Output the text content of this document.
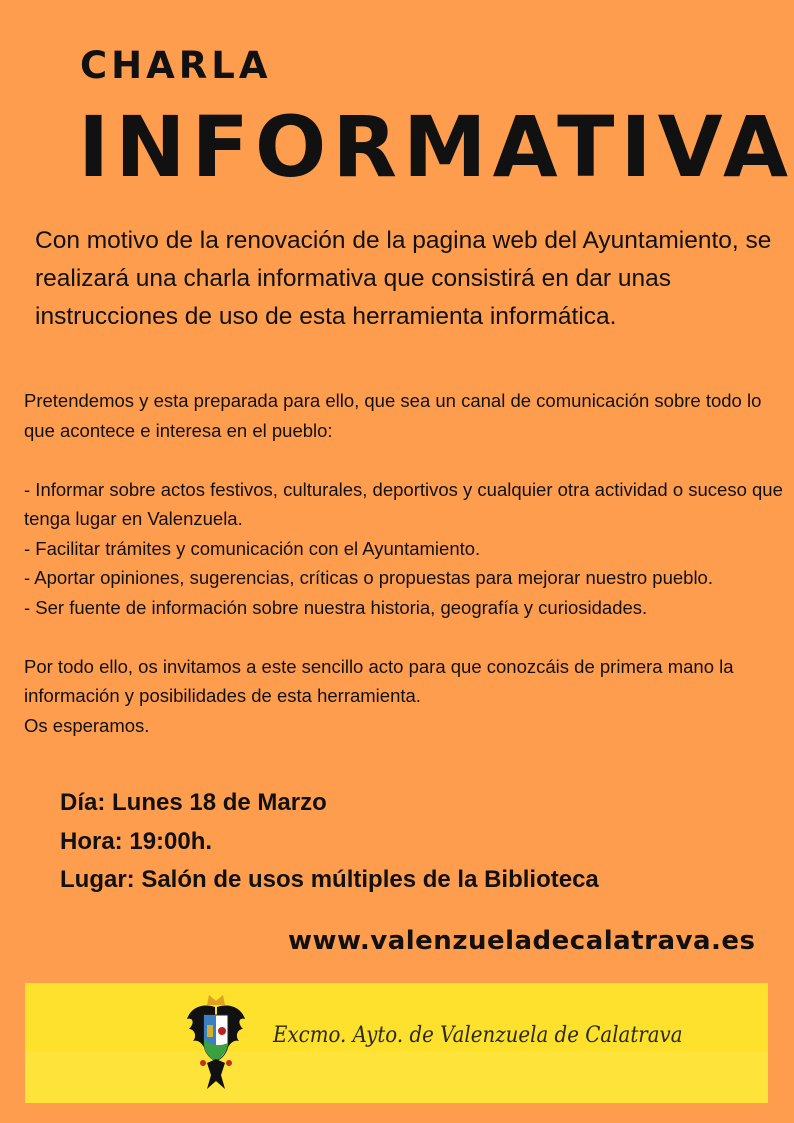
CHARLA
INFORMATIVA
Con motivo de la renovación de la pagina web del Ayuntamiento, se realizará una charla informativa que consistirá en dar unas instrucciones de uso de esta herramienta informática.

Pretendemos y esta preparada para ello, que sea un canal de comunicación sobre todo lo que acontece e interesa en el pueblo:

- Informar sobre actos festivos, culturales, deportivos y cualquier otra actividad o suceso que tenga lugar en Valenzuela.

- Facilitar trámites y comunicación con el Ayuntamiento.

- Aportar opiniones, sugerencias, críticas o propuestas para mejorar nuestro pueblo.

- Ser fuente de información sobre nuestra historia, geografía y curiosidades.

Por todo ello, os invitamos a este sencillo acto para que conozcáis de primera mano la información y posibilidades de esta herramienta.

Os esperamos.

Día: Lunes 18 de Marzo
Hora: 19:00h.
Lugar: Salón de usos múltiples de la Biblioteca
www.valenzueladecalatrava.es
Excmo. Ayto. de Valenzuela de Calatrava
